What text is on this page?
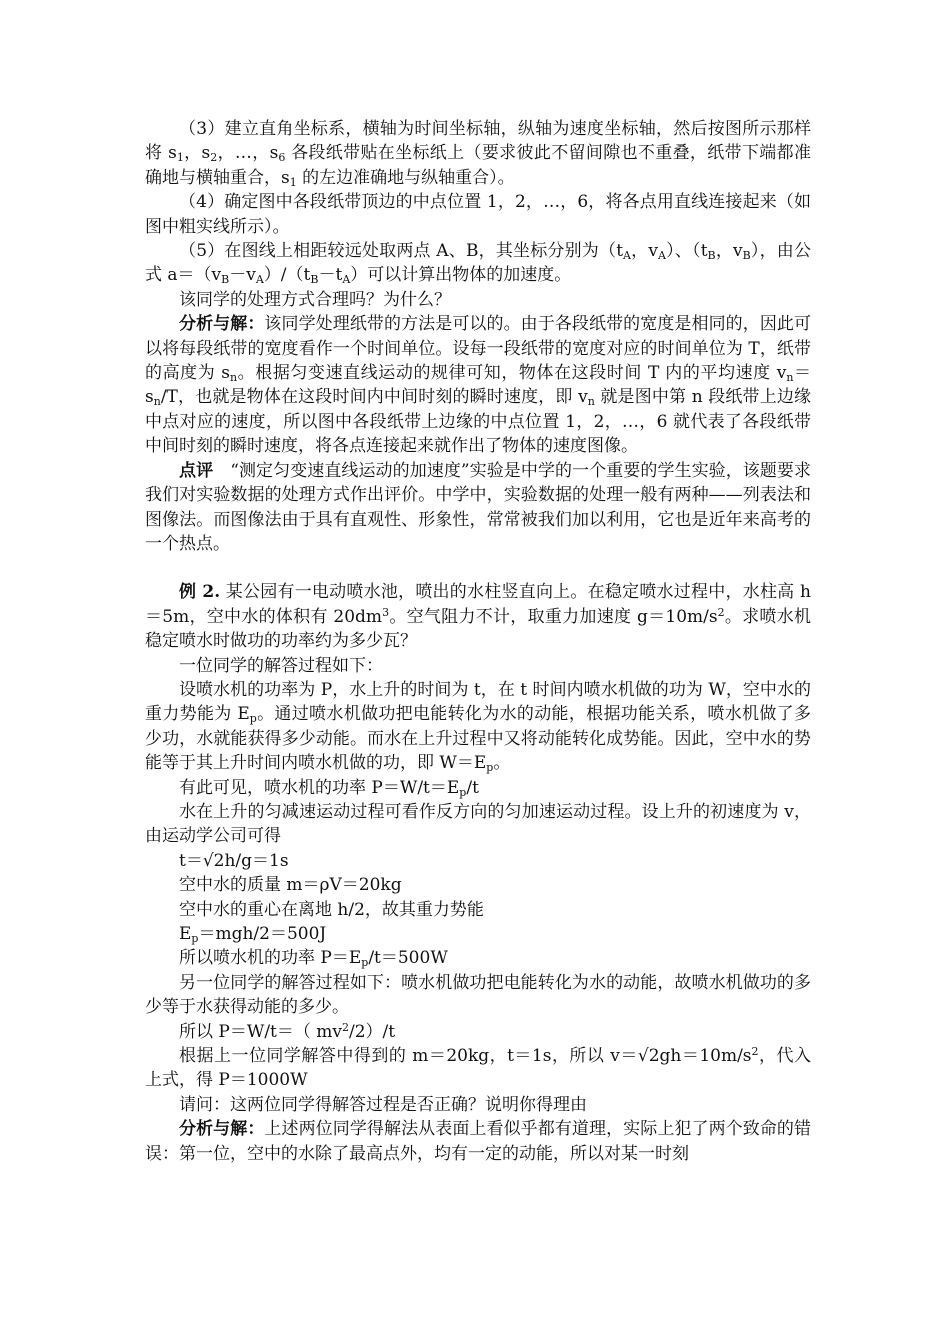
（3）建立直角坐标系，横轴为时间坐标轴，纵轴为速度坐标轴，然后按图所示那样将 $s_1$，$s_2$，…，$s_6$ 各段纸带贴在坐标纸上（要求彼此不留间隙也不重叠，纸带下端都准确地与横轴重合，$s_1$ 的左边准确地与纵轴重合）。

（4）确定图中各段纸带顶边的中点位置 1，2，…，6，将各点用直线连接起来（如图中粗实线所示）。

（5）在图线上相距较远处取两点 A、B，其坐标分别为（$t_A$，$v_A$）、（$t_B$，$v_B$），由公式 $a=(v_B-v_A)/(t_B-t_A)$可以计算出物体的加速度。

该同学的处理方式合理吗？为什么？

分析与解：该同学处理纸带的方法是可以的。由于各段纸带的宽度是相同的，因此可以将每段纸带的宽度看作一个时间单位。设每一段纸带的宽度对应的时间单位为 T，纸带的高度为 $s_n$。根据匀变速直线运动的规律可知，物体在这段时间 T 内的平均速度 $v_n=s_n/T$，也就是物体在这段时间内中间时刻的瞬时速度，即 $v_n$ 就是图中第 n 段纸带上边缘中点对应的速度，所以图中各段纸带上边缘的中点位置 1，2，…，6 就代表了各段纸带中间时刻的瞬时速度，将各点连接起来就作出了物体的速度图像。

点评　“测定匀变速直线运动的加速度”实验是中学的一个重要的学生实验，该题要求我们对实验数据的处理方式作出评价。中学中，实验数据的处理一般有两种——列表法和图像法。而图像法由于具有直观性、形象性，常常被我们加以利用，它也是近年来高考的一个热点。

例 2. 某公园有一电动喷水池，喷出的水柱竖直向上。在稳定喷水过程中，水柱高 h＝5m，空中水的体积有 $20dm^3$。空气阻力不计，取重力加速度 $g=10m/s^2$。求喷水机稳定喷水时做功的功率约为多少瓦？

一位同学的解答过程如下：

设喷水机的功率为 P，水上升的时间为 t，在 t 时间内喷水机做的功为 W，空中水的重力势能为 $E_p$。通过喷水机做功把电能转化为水的动能，根据功能关系，喷水机做了多少功，水就能获得多少动能。而水在上升过程中又将动能转化成势能。因此，空中水的势能等于其上升时间内喷水机做的功，即 $W=E_p$。

有此可见，喷水机的功率 $P=W/t=E_p/t$

水在上升的匀减速运动过程可看作反方向的匀加速运动过程。设上升的初速度为 v，由运动学公司可得

t＝√2h/g＝1s

空中水的质量 m＝ρV＝20kg

空中水的重心在离地 h/2，故其重力势能

$E_p=mgh/2=500J$

所以喷水机的功率 $P=E_p/t=500W$

另一位同学的解答过程如下：喷水机做功把电能转化为水的动能，故喷水机做功的多少等于水获得动能的多少。

所以 P＝W/t＝（ $mv^2/2)/t$

根据上一位同学解答中得到的 m＝20kg，t＝1s，所以 $v=√2gh=10m/s^2$，代入上式，得 P＝1000W

请问：这两位同学得解答过程是否正确？说明你得理由

分析与解：上述两位同学得解法从表面上看似乎都有道理，实际上犯了两个致命的错误：第一位，空中的水除了最高点外，均有一定的动能，所以对某一时刻
